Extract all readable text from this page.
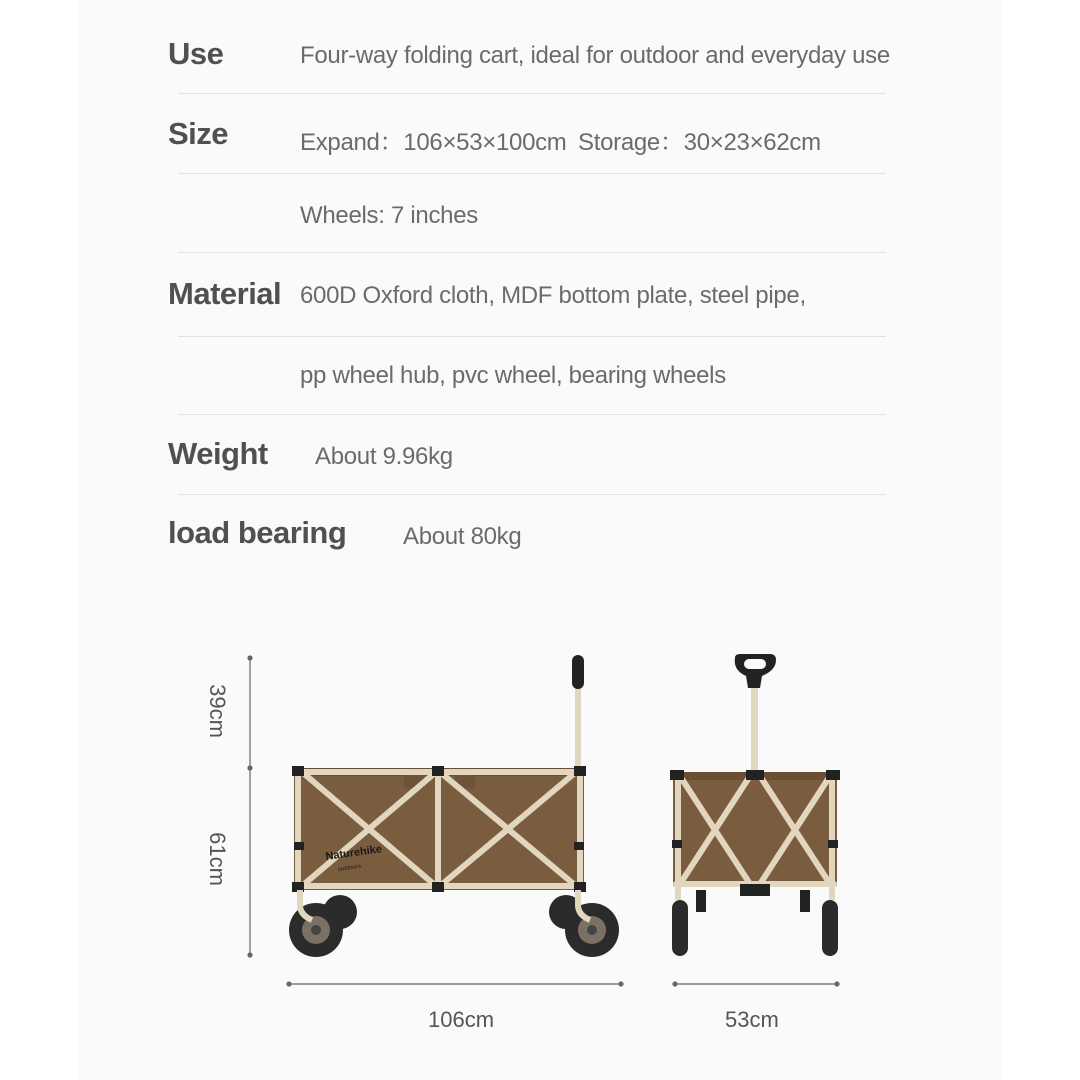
Use	Four-way folding cart, ideal for outdoor and everyday use
Size	Expand：106×53×100cm Storage：30×23×62cm
Wheels: 7 inches
Material 600D Oxford cloth, MDF bottom plate, steel pipe,
pp wheel hub, pvc wheel, bearing wheels
Weight About 9.96kg
load bearing About 80kg
Naturehike
outdoors
39cm
61cm
106cm	53cm
